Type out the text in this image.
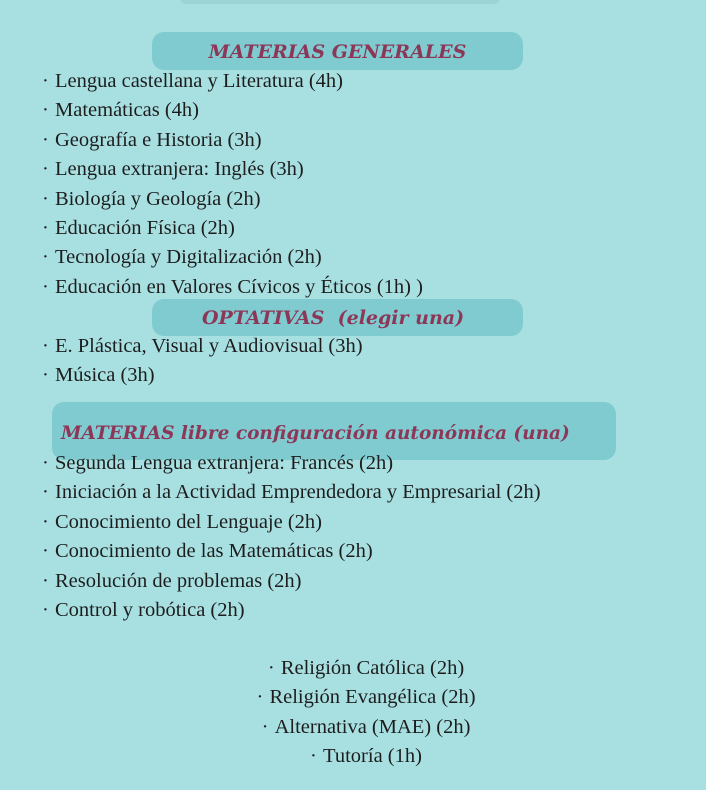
MATERIAS GENERALES
· Lengua castellana y Literatura (4h)
· Matemáticas (4h)
· Geografía e Historia (3h)
· Lengua extranjera: Inglés (3h)
· Biología y Geología (2h)
· Educación Física (2h)
· Tecnología y Digitalización (2h)
· Educación en Valores Cívicos y Éticos (1h) )
OPTATIVAS  (elegir una)
· E. Plástica, Visual y Audiovisual (3h)
· Música (3h)
MATERIAS libre configuración autonómica (una)
· Segunda Lengua extranjera: Francés (2h)
· Iniciación a la Actividad Emprendedora y Empresarial (2h)
· Conocimiento del Lenguaje (2h)
· Conocimiento de las Matemáticas (2h)
· Resolución de problemas (2h)
· Control y robótica (2h)
· Religión Católica (2h)
· Religión Evangélica (2h)
· Alternativa (MAE) (2h)
· Tutoría (1h)
